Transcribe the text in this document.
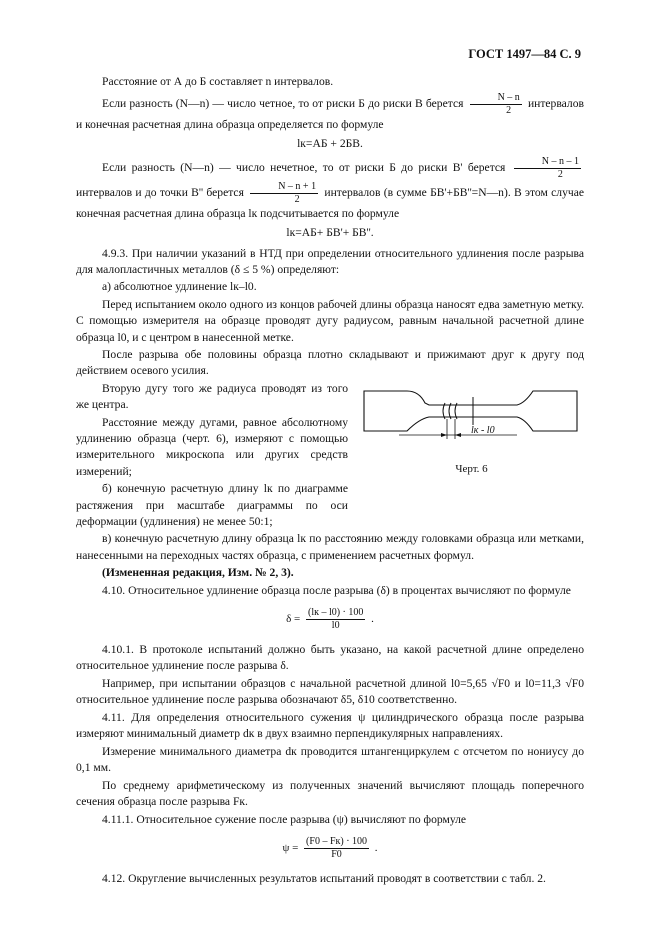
ГОСТ 1497—84 С. 9

Расстояние от А до Б составляет n интервалов.

Если разность (N—n) — число четное, то от риски Б до риски В берется $\frac{N - n}{2}$ интервалов и конечная расчетная длина образца определяется по формуле

lк=АБ + 2БВ.

Если разность (N—n) — число нечетное, то от риски Б до риски В' берется $\frac{N - n - 1}{2}$
интервалов и до точки В'' берется $\frac{N - n + 1}{2}$ интервалов (в сумме БВ'+БВ''=N—n). В этом случае конечная расчетная длина образца lк подсчитывается по формуле

lк=АБ+ БВ'+ БВ''.

4.9.3. При наличии указаний в НТД при определении относительного удлинения после разрыва для малопластичных металлов (δ ≤ 5 %) определяют:

а) абсолютное удлинение lк–l0.

Перед испытанием около одного из концов рабочей длины образца наносят едва заметную метку. С помощью измерителя на образце проводят дугу радиусом, равным начальной расчетной длине образца l0, и с центром в нанесенной метке.

После разрыва обе половины образца плотно складывают и прижимают друг к другу под действием осевого усилия.

Вторую дугу того же радиуса проводят из того же центра.

Расстояние между дугами, равное абсолютному удлинению образца (черт. 6), измеряют с помощью измерительного микроскопа или других средств измерений;

б) конечную расчетную длину lк по диаграмме растяжения при масштабе диаграммы по оси деформации (удлинения) не менее 50:1;

lк - l0
Черт. 6

в) конечную расчетную длину образца lк по расстоянию между головками образца или метками, нанесенными на переходных частях образца, с применением расчетных формул.

(Измененная редакция, Изм. № 2, 3).

4.10. Относительное удлинение образца после разрыва (δ) в процентах вычисляют по формуле

$\delta = \frac{(lк - l0) \cdot 100}{l0}$ .

4.10.1. В протоколе испытаний должно быть указано, на какой расчетной длине определено относительное удлинение после разрыва δ.

Например, при испытании образцов с начальной расчетной длиной l0=5,65 √F0 и l0=11,3 √F0 относительное удлинение после разрыва обозначают δ5, δ10 соответственно.

4.11. Для определения относительного сужения ψ цилиндрического образца после разрыва измеряют минимальный диаметр dк в двух взаимно перпендикулярных направлениях.

Измерение минимального диаметра dк проводится штангенциркулем с отсчетом по нониусу до 0,1 мм.

По среднему арифметическому из полученных значений вычисляют площадь поперечного сечения образца после разрыва Fк.

4.11.1. Относительное сужение после разрыва (ψ) вычисляют по формуле

$\psi = \frac{(F0 - Fк) \cdot 100}{F0}$ .

4.12. Округление вычисленных результатов испытаний проводят в соответствии с табл. 2.
